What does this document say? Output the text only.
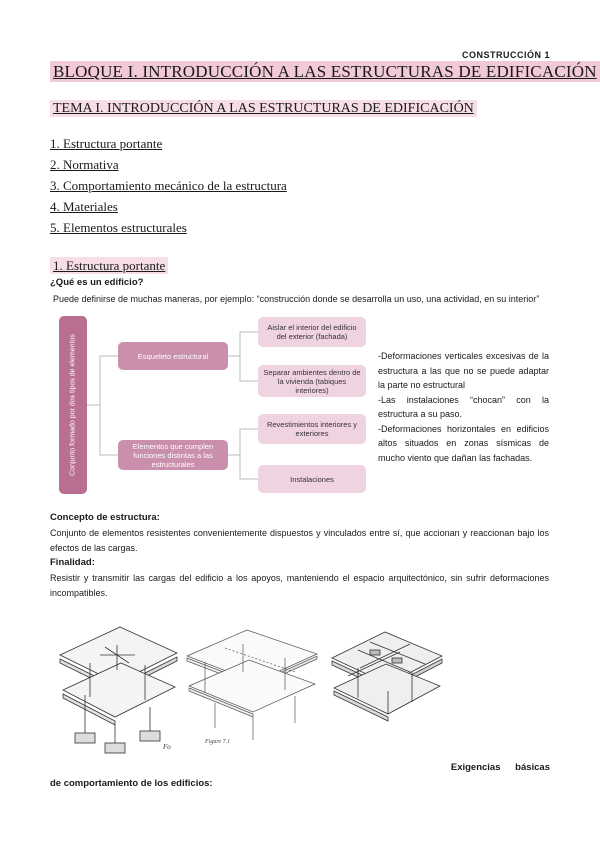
CONSTRUCCIÓN 1
BLOQUE I. INTRODUCCIÓN A LAS ESTRUCTURAS DE EDIFICACIÓN
TEMA I. INTRODUCCIÓN A LAS ESTRUCTURAS DE EDIFICACIÓN
1. Estructura portante
2. Normativa
3. Comportamiento mecánico de la estructura
4. Materiales
5. Elementos estructurales
1. Estructura portante
¿Qué es un edificio?
Puede definirse de muchas maneras, por ejemplo: “construcción donde se desarrolla un uso, una actividad, en su interior”
Conjunto formado por dos tipos de elementos	Esqueleto estructural
Elementos que cumplen funciones distintas a las estructurales
Aislar el interior del edificio del exterior (fachada)
Separar ambientes dentro de la vivienda (tabiques interiores)
Revestimientos interiores y exteriores
Instalaciones
-Deformaciones verticales excesivas de la estructura a las que no se puede adaptar la parte no estructural
-Las instalaciones “chocan” con la estructura a su paso.
-Deformaciones horizontales en edificios altos situados en zonas sísmicas de mucho viento que dañan las fachadas.
Concepto de estructura:
Conjunto de elementos resistentes convenientemente dispuestos y vinculados entre sí, que accionan y reaccionan bajo los efectos de las cargas.
Finalidad:
Resistir y transmitir las cargas del edificio a los apoyos, manteniendo el espacio arquitectónico, sin sufrir deformaciones incompatibles.
Fo
Figure 7.1
Exigencias básicas
de comportamiento de los edificios:
